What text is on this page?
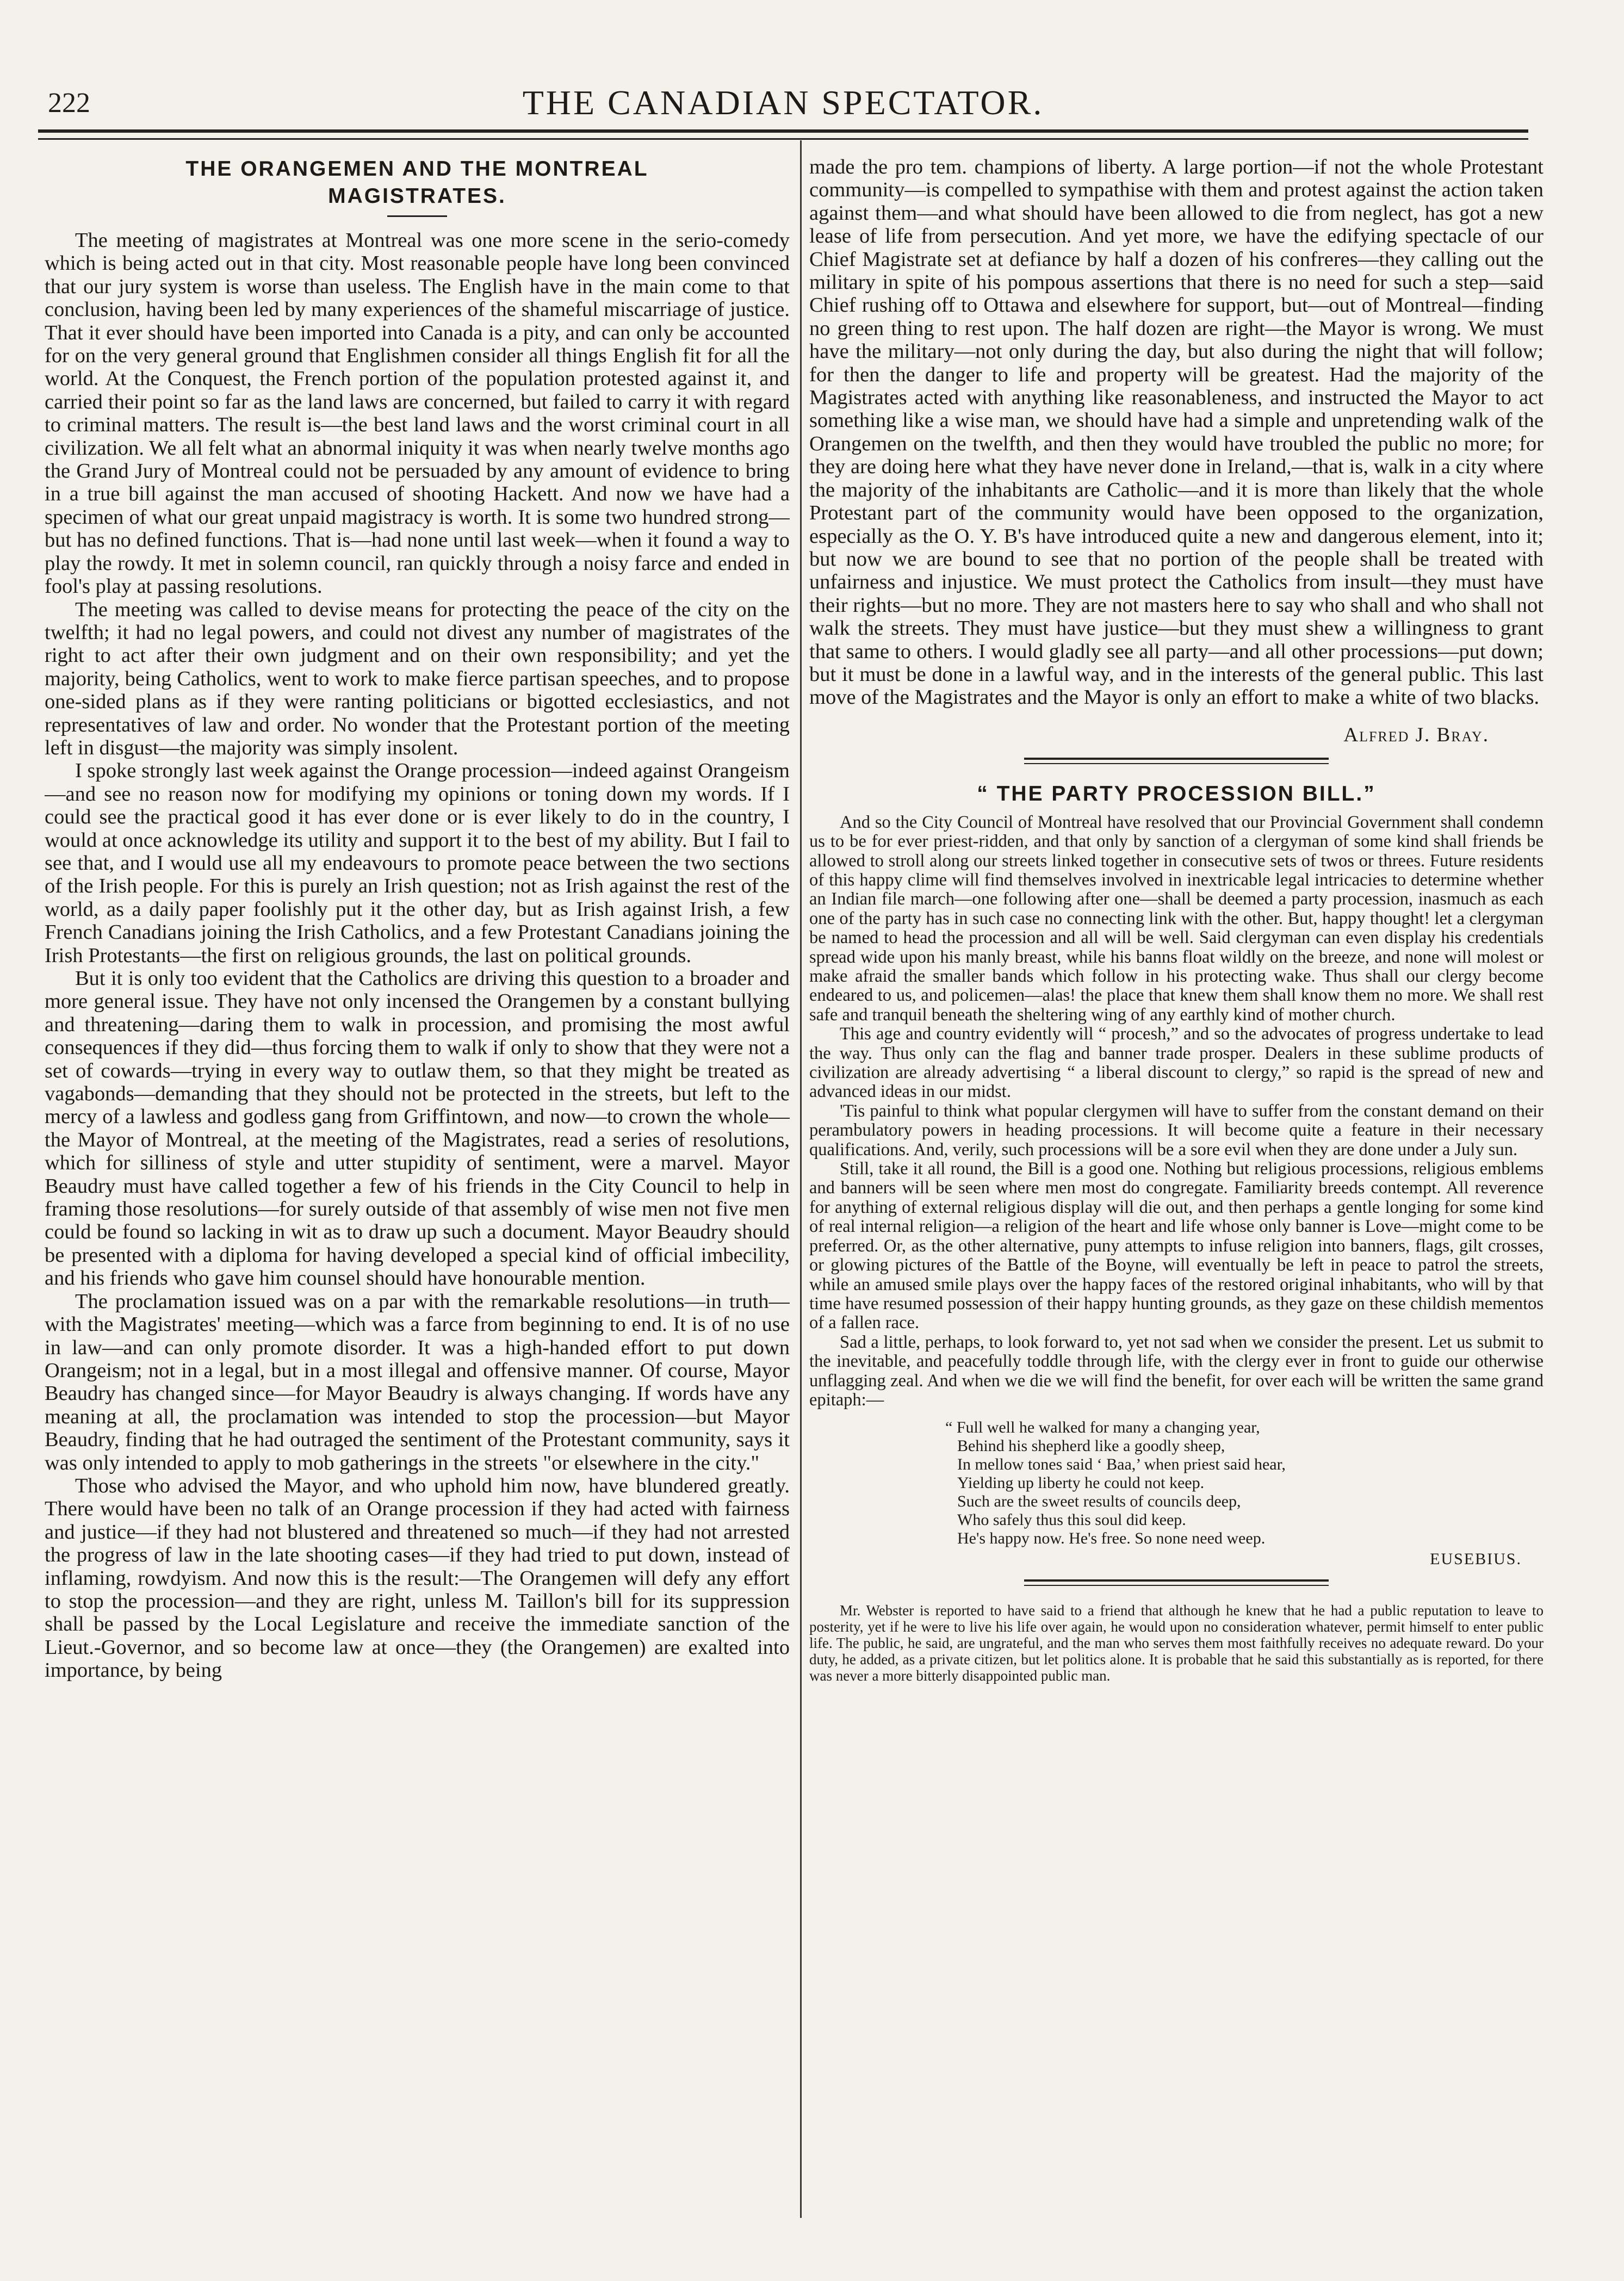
222	THE CANADIAN SPECTATOR.
THE ORANGEMEN AND THE MONTREAL MAGISTRATES.

The meeting of magistrates at Montreal was one more scene in the serio-comedy which is being acted out in that city. Most reasonable people have long been convinced that our jury system is worse than useless. The English have in the main come to that conclusion, having been led by many experiences of the shameful miscarriage of justice. That it ever should have been imported into Canada is a pity, and can only be accounted for on the very general ground that Englishmen consider all things English fit for all the world. At the Conquest, the French portion of the population protested against it, and carried their point so far as the land laws are concerned, but failed to carry it with regard to criminal matters. The result is—the best land laws and the worst criminal court in all civilization. We all felt what an abnormal iniquity it was when nearly twelve months ago the Grand Jury of Montreal could not be persuaded by any amount of evidence to bring in a true bill against the man accused of shooting Hackett. And now we have had a specimen of what our great unpaid magistracy is worth. It is some two hundred strong—but has no defined functions. That is—had none until last week—when it found a way to play the rowdy. It met in solemn council, ran quickly through a noisy farce and ended in fool's play at passing resolutions.

The meeting was called to devise means for protecting the peace of the city on the twelfth; it had no legal powers, and could not divest any number of magistrates of the right to act after their own judgment and on their own responsibility; and yet the majority, being Catholics, went to work to make fierce partisan speeches, and to propose one-sided plans as if they were ranting politicians or bigotted ecclesiastics, and not representatives of law and order. No wonder that the Protestant portion of the meeting left in disgust—the majority was simply insolent.

I spoke strongly last week against the Orange procession—indeed against Orangeism—and see no reason now for modifying my opinions or toning down my words. If I could see the practical good it has ever done or is ever likely to do in the country, I would at once acknowledge its utility and support it to the best of my ability. But I fail to see that, and I would use all my endeavours to promote peace between the two sections of the Irish people. For this is purely an Irish question; not as Irish against the rest of the world, as a daily paper foolishly put it the other day, but as Irish against Irish, a few French Canadians joining the Irish Catholics, and a few Protestant Canadians joining the Irish Protestants—the first on religious grounds, the last on political grounds.

But it is only too evident that the Catholics are driving this question to a broader and more general issue. They have not only incensed the Orangemen by a constant bullying and threatening—daring them to walk in procession, and promising the most awful consequences if they did—thus forcing them to walk if only to show that they were not a set of cowards—trying in every way to outlaw them, so that they might be treated as vagabonds—demanding that they should not be protected in the streets, but left to the mercy of a lawless and godless gang from Griffintown, and now—to crown the whole—the Mayor of Montreal, at the meeting of the Magistrates, read a series of resolutions, which for silliness of style and utter stupidity of sentiment, were a marvel. Mayor Beaudry must have called together a few of his friends in the City Council to help in framing those resolutions—for surely outside of that assembly of wise men not five men could be found so lacking in wit as to draw up such a document. Mayor Beaudry should be presented with a diploma for having developed a special kind of official imbecility, and his friends who gave him counsel should have honourable mention.

The proclamation issued was on a par with the remarkable resolutions—in truth—with the Magistrates' meeting—which was a farce from beginning to end. It is of no use in law—and can only promote disorder. It was a high-handed effort to put down Orangeism; not in a legal, but in a most illegal and offensive manner. Of course, Mayor Beaudry has changed since—for Mayor Beaudry is always changing. If words have any meaning at all, the proclamation was intended to stop the procession—but Mayor Beaudry, finding that he had outraged the sentiment of the Protestant community, says it was only intended to apply to mob gatherings in the streets "or elsewhere in the city."

Those who advised the Mayor, and who uphold him now, have blundered greatly. There would have been no talk of an Orange procession if they had acted with fairness and justice—if they had not blustered and threatened so much—if they had not arrested the progress of law in the late shooting cases—if they had tried to put down, instead of inflaming, rowdyism. And now this is the result:—The Orangemen will defy any effort to stop the procession—and they are right, unless M. Taillon's bill for its suppression shall be passed by the Local Legislature and receive the immediate sanction of the Lieut.-Governor, and so become law at once—they (the Orangemen) are exalted into importance, by being

made the pro tem. champions of liberty. A large portion—if not the whole Protestant community—is compelled to sympathise with them and protest against the action taken against them—and what should have been allowed to die from neglect, has got a new lease of life from persecution. And yet more, we have the edifying spectacle of our Chief Magistrate set at defiance by half a dozen of his confreres—they calling out the military in spite of his pompous assertions that there is no need for such a step—said Chief rushing off to Ottawa and elsewhere for support, but—out of Montreal—finding no green thing to rest upon. The half dozen are right—the Mayor is wrong. We must have the military—not only during the day, but also during the night that will follow; for then the danger to life and property will be greatest. Had the majority of the Magistrates acted with anything like reasonableness, and instructed the Mayor to act something like a wise man, we should have had a simple and unpretending walk of the Orangemen on the twelfth, and then they would have troubled the public no more; for they are doing here what they have never done in Ireland,—that is, walk in a city where the majority of the inhabitants are Catholic—and it is more than likely that the whole Protestant part of the community would have been opposed to the organization, especially as the O. Y. B's have introduced quite a new and dangerous element, into it; but now we are bound to see that no portion of the people shall be treated with unfairness and injustice. We must protect the Catholics from insult—they must have their rights—but no more. They are not masters here to say who shall and who shall not walk the streets. They must have justice—but they must shew a willingness to grant that same to others. I would gladly see all party—and all other processions—put down; but it must be done in a lawful way, and in the interests of the general public. This last move of the Magistrates and the Mayor is only an effort to make a white of two blacks.

Alfred J. Bray.
“ THE PARTY PROCESSION BILL.”

And so the City Council of Montreal have resolved that our Provincial Government shall condemn us to be for ever priest-ridden, and that only by sanction of a clergyman of some kind shall friends be allowed to stroll along our streets linked together in consecutive sets of twos or threes. Future residents of this happy clime will find themselves involved in inextricable legal intricacies to determine whether an Indian file march—one following after one—shall be deemed a party procession, inasmuch as each one of the party has in such case no connecting link with the other. But, happy thought! let a clergyman be named to head the procession and all will be well. Said clergyman can even display his credentials spread wide upon his manly breast, while his banns float wildly on the breeze, and none will molest or make afraid the smaller bands which follow in his protecting wake. Thus shall our clergy become endeared to us, and policemen—alas! the place that knew them shall know them no more. We shall rest safe and tranquil beneath the sheltering wing of any earthly kind of mother church.

This age and country evidently will “ procesh,” and so the advocates of progress undertake to lead the way. Thus only can the flag and banner trade prosper. Dealers in these sublime products of civilization are already advertising “ a liberal discount to clergy,” so rapid is the spread of new and advanced ideas in our midst.

'Tis painful to think what popular clergymen will have to suffer from the constant demand on their perambulatory powers in heading processions. It will become quite a feature in their necessary qualifications. And, verily, such processions will be a sore evil when they are done under a July sun.

Still, take it all round, the Bill is a good one. Nothing but religious processions, religious emblems and banners will be seen where men most do congregate. Familiarity breeds contempt. All reverence for anything of external religious display will die out, and then perhaps a gentle longing for some kind of real internal religion—a religion of the heart and life whose only banner is Love—might come to be preferred. Or, as the other alternative, puny attempts to infuse religion into banners, flags, gilt crosses, or glowing pictures of the Battle of the Boyne, will eventually be left in peace to patrol the streets, while an amused smile plays over the happy faces of the restored original inhabitants, who will by that time have resumed possession of their happy hunting grounds, as they gaze on these childish mementos of a fallen race.

Sad a little, perhaps, to look forward to, yet not sad when we consider the present. Let us submit to the inevitable, and peacefully toddle through life, with the clergy ever in front to guide our otherwise unflagging zeal. And when we die we will find the benefit, for over each will be written the same grand epitaph:—

“ Full well he walked for many a changing year,
Behind his shepherd like a goodly sheep,
In mellow tones said ‘ Baa,’ when priest said hear,
Yielding up liberty he could not keep.
Such are the sweet results of councils deep,
Who safely thus this soul did keep.
He's happy now. He's free. So none need weep.
EUSEBIUS.

Mr. Webster is reported to have said to a friend that although he knew that he had a public reputation to leave to posterity, yet if he were to live his life over again, he would upon no consideration whatever, permit himself to enter public life. The public, he said, are ungrateful, and the man who serves them most faithfully receives no adequate reward. Do your duty, he added, as a private citizen, but let politics alone. It is probable that he said this substantially as is reported, for there was never a more bitterly disappointed public man.
